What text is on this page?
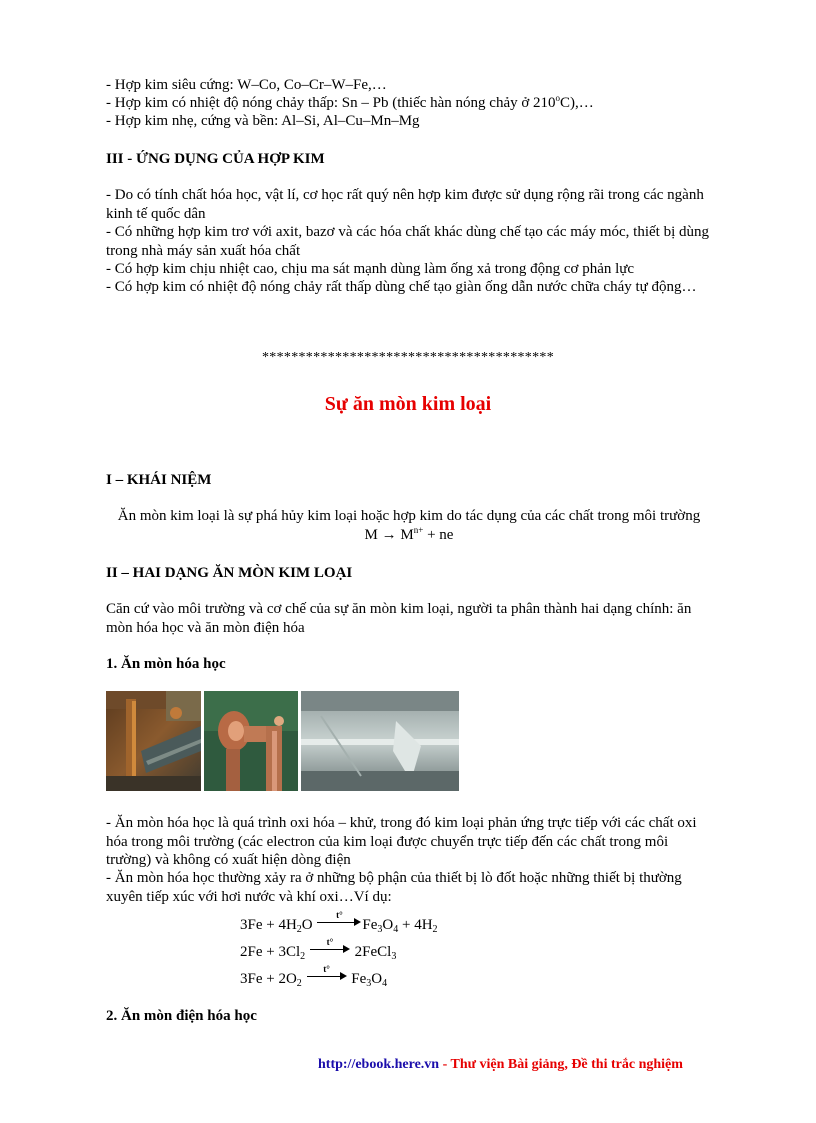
- Hợp kim siêu cứng: W–Co, Co–Cr–W–Fe,…
- Hợp kim có nhiệt độ nóng chảy thấp: Sn – Pb (thiếc hàn nóng chảy ở 210$^o$C),…
- Hợp kim nhẹ, cứng và bền: Al–Si, Al–Cu–Mn–Mg
III - ỨNG DỤNG CỦA HỢP KIM
- Do có tính chất hóa học, vật lí, cơ học rất quý nên hợp kim được sử dụng rộng rãi trong các ngành kinh tế quốc dân
- Có những hợp kim trơ với axit, bazơ và các hóa chất khác dùng chế tạo các máy móc, thiết bị dùng trong nhà máy sản xuất hóa chất
- Có hợp kim chịu nhiệt cao, chịu ma sát mạnh dùng làm ống xả trong động cơ phản lực
- Có hợp kim có nhiệt độ nóng chảy rất thấp dùng chế tạo giàn ống dẫn nước chữa cháy tự động…
****************************************
Sự ăn mòn kim loại
I – KHÁI NIỆM
Ăn mòn kim loại là sự phá hủy kim loại hoặc hợp kim do tác dụng của các chất trong môi trường
$M \to M^{n+}$ + ne
II – HAI DẠNG ĂN MÒN KIM LOẠI
Căn cứ vào môi trường và cơ chế của sự ăn mòn kim loại, người ta phân thành hai dạng chính: ăn mòn hóa học và ăn mòn điện hóa
1. Ăn mòn hóa học
- Ăn mòn hóa học là quá trình oxi hóa – khử, trong đó kim loại phản ứng trực tiếp với các chất oxi hóa trong môi trường (các electron của kim loại được chuyển trực tiếp đến các chất trong môi trường) và không có xuất hiện dòng điện
- Ăn mòn hóa học thường xảy ra ở những bộ phận của thiết bị lò đốt hoặc những thiết bị thường xuyên tiếp xúc với hơi nước và khí oxi…Ví dụ:
$3Fe + 4H_2O$
t°
$Fe_3O_4 + 4H_2$
$2Fe + 3Cl_2$
t°
2FeCl$_3$
$3Fe + 2O_2$
t°
$Fe_3O_4$
2. Ăn mòn điện hóa học
http://ebook.here.vn - Thư viện Bài giảng, Đề thi trắc nghiệm
